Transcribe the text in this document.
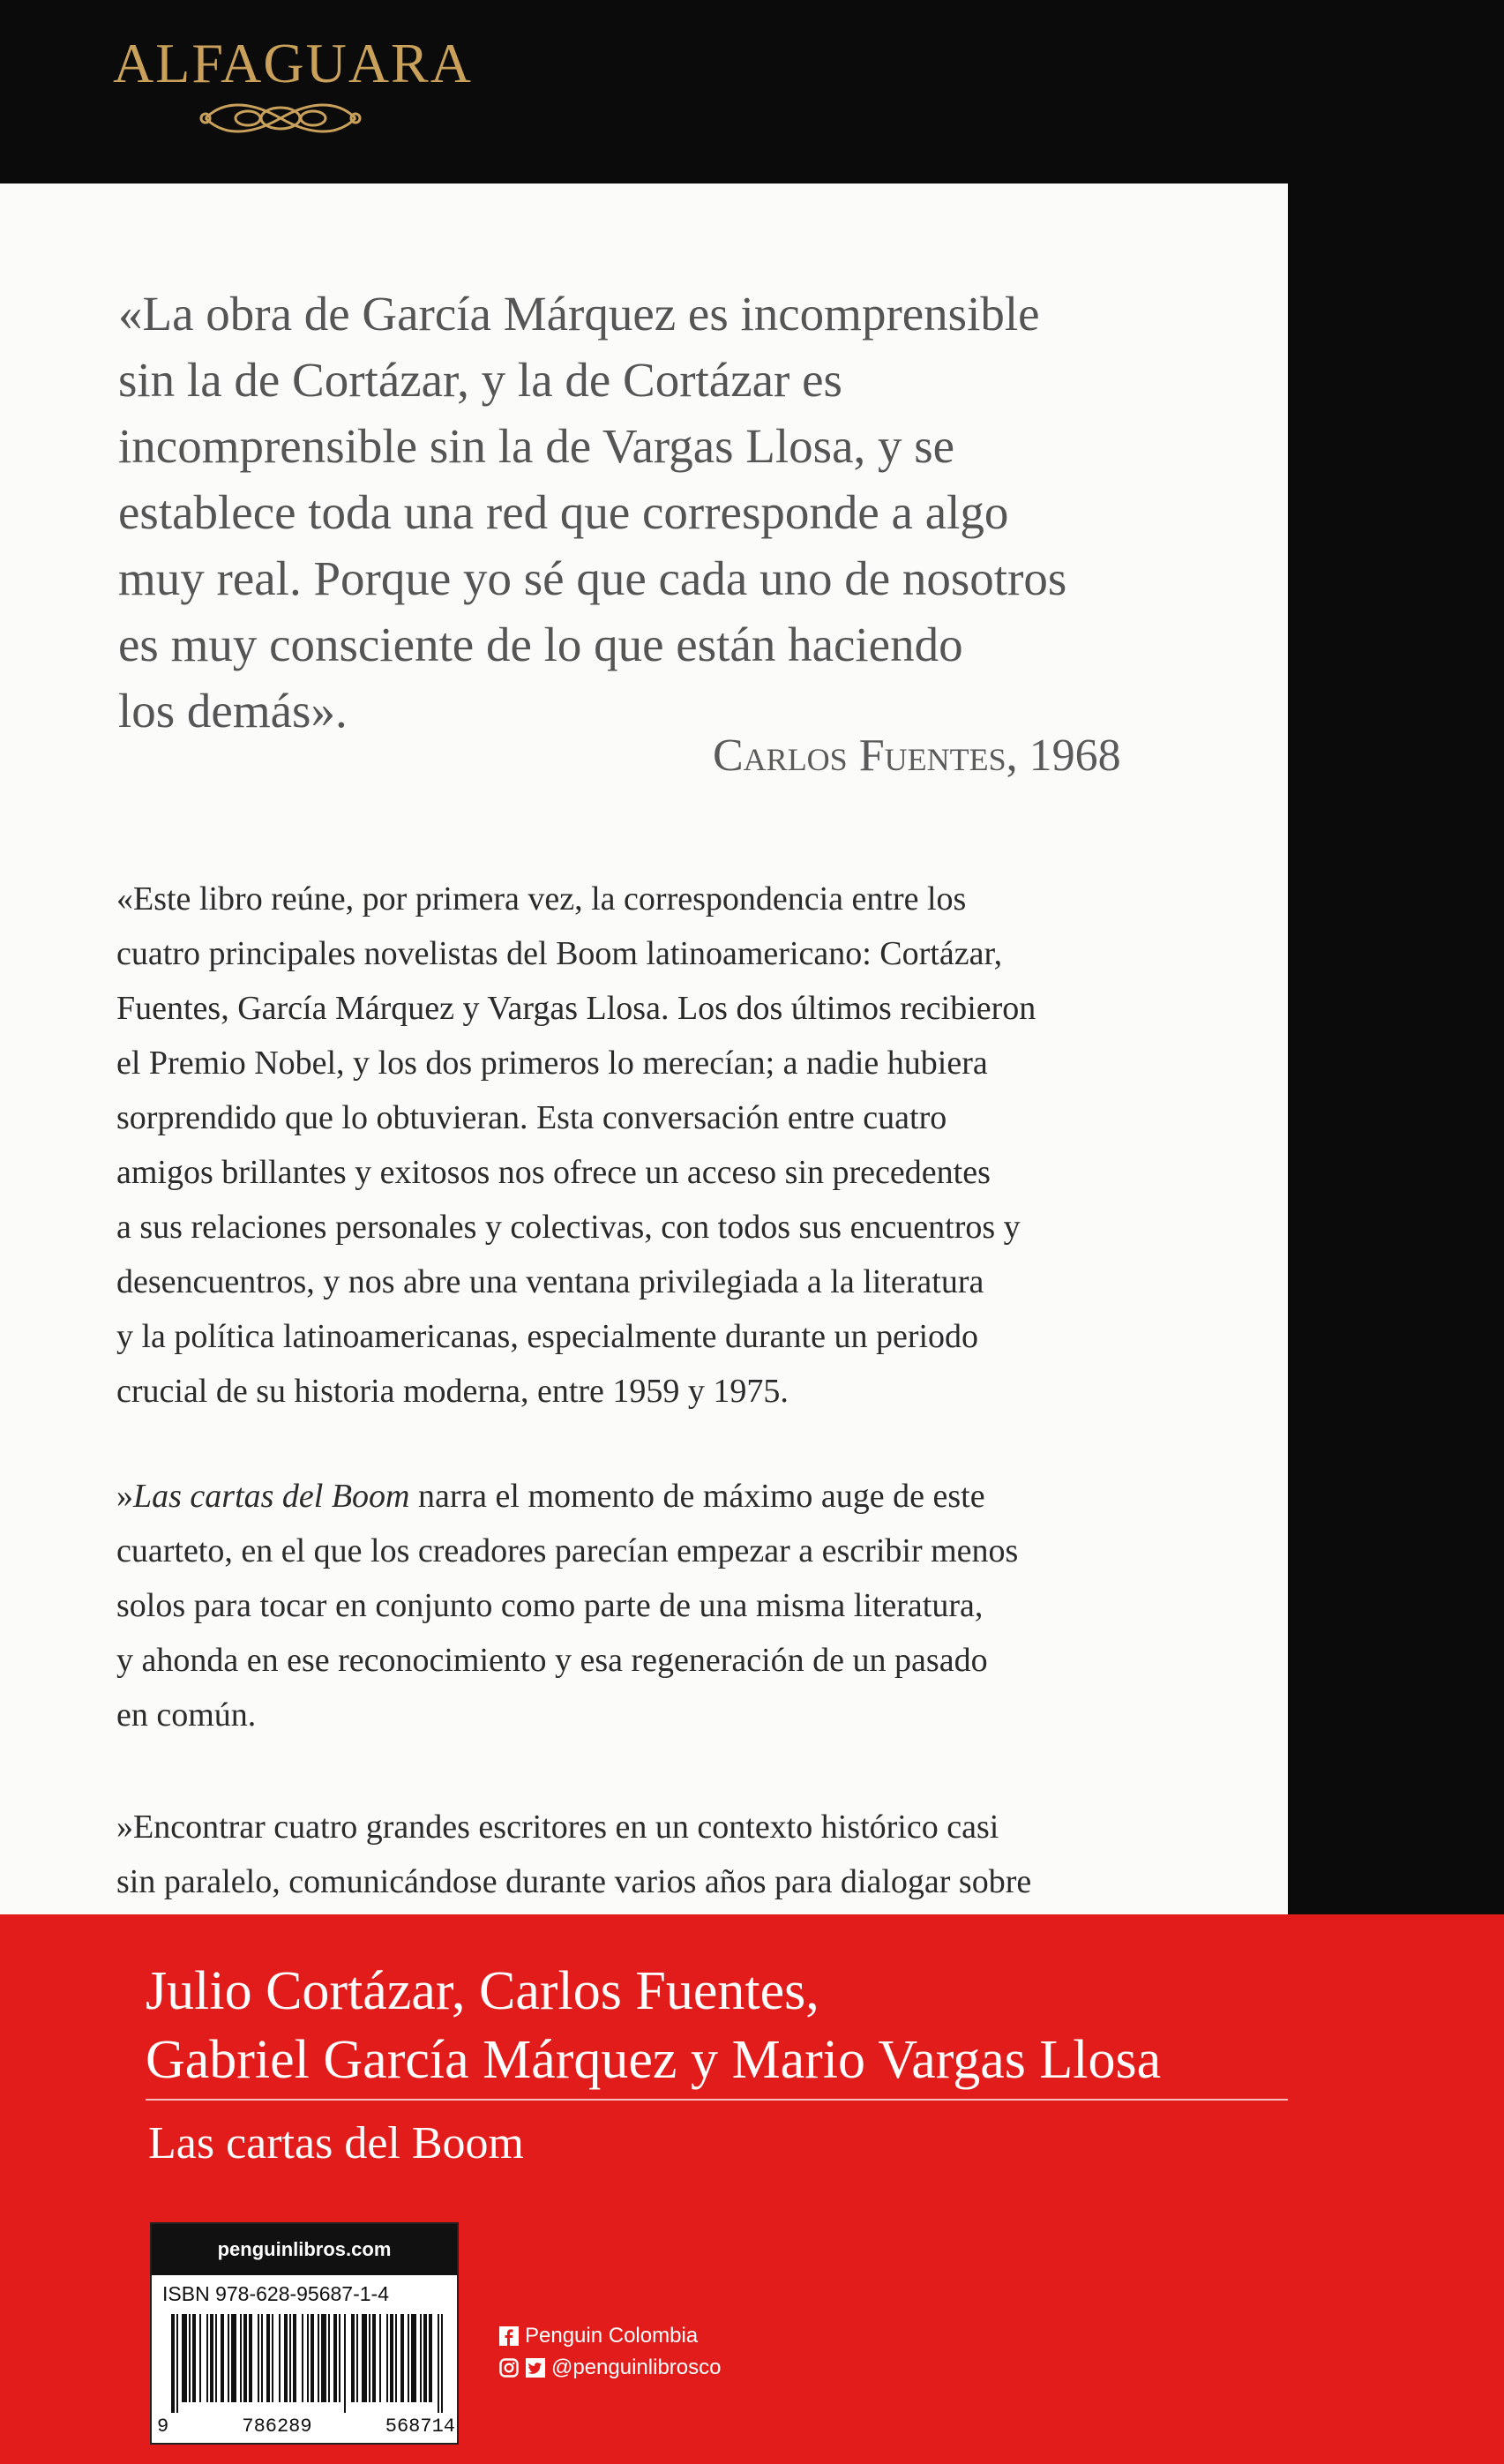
ALFAGUARA
«La obra de García Márquez es incomprensible
sin la de Cortázar, y la de Cortázar es
incomprensible sin la de Vargas Llosa, y se
establece toda una red que corresponde a algo
muy real. Porque yo sé que cada uno de nosotros
es muy consciente de lo que están haciendo
los demás».
Carlos Fuentes, 1968
«Este libro reúne, por primera vez, la correspondencia entre los
cuatro principales novelistas del Boom latinoamericano: Cortázar,
Fuentes, García Márquez y Vargas Llosa. Los dos últimos recibieron
el Premio Nobel, y los dos primeros lo merecían; a nadie hubiera
sorprendido que lo obtuvieran. Esta conversación entre cuatro
amigos brillantes y exitosos nos ofrece un acceso sin precedentes
a sus relaciones personales y colectivas, con todos sus encuentros y
desencuentros, y nos abre una ventana privilegiada a la literatura
y la política latinoamericanas, especialmente durante un periodo
crucial de su historia moderna, entre 1959 y 1975.
»Las cartas del Boom narra el momento de máximo auge de este
cuarteto, en el que los creadores parecían empezar a escribir menos
solos para tocar en conjunto como parte de una misma literatura,
y ahonda en ese reconocimiento y esa regeneración de un pasado
en común.
»Encontrar cuatro grandes escritores en un contexto histórico casi
sin paralelo, comunicándose durante varios años para dialogar sobre
Julio Cortázar, Carlos Fuentes,
Gabriel García Márquez y Mario Vargas Llosa
Las cartas del Boom
penguinlibros.com
ISBN 978-628-95687-1-4
9	786289	568714
Penguin Colombia
@penguinlibrosco
